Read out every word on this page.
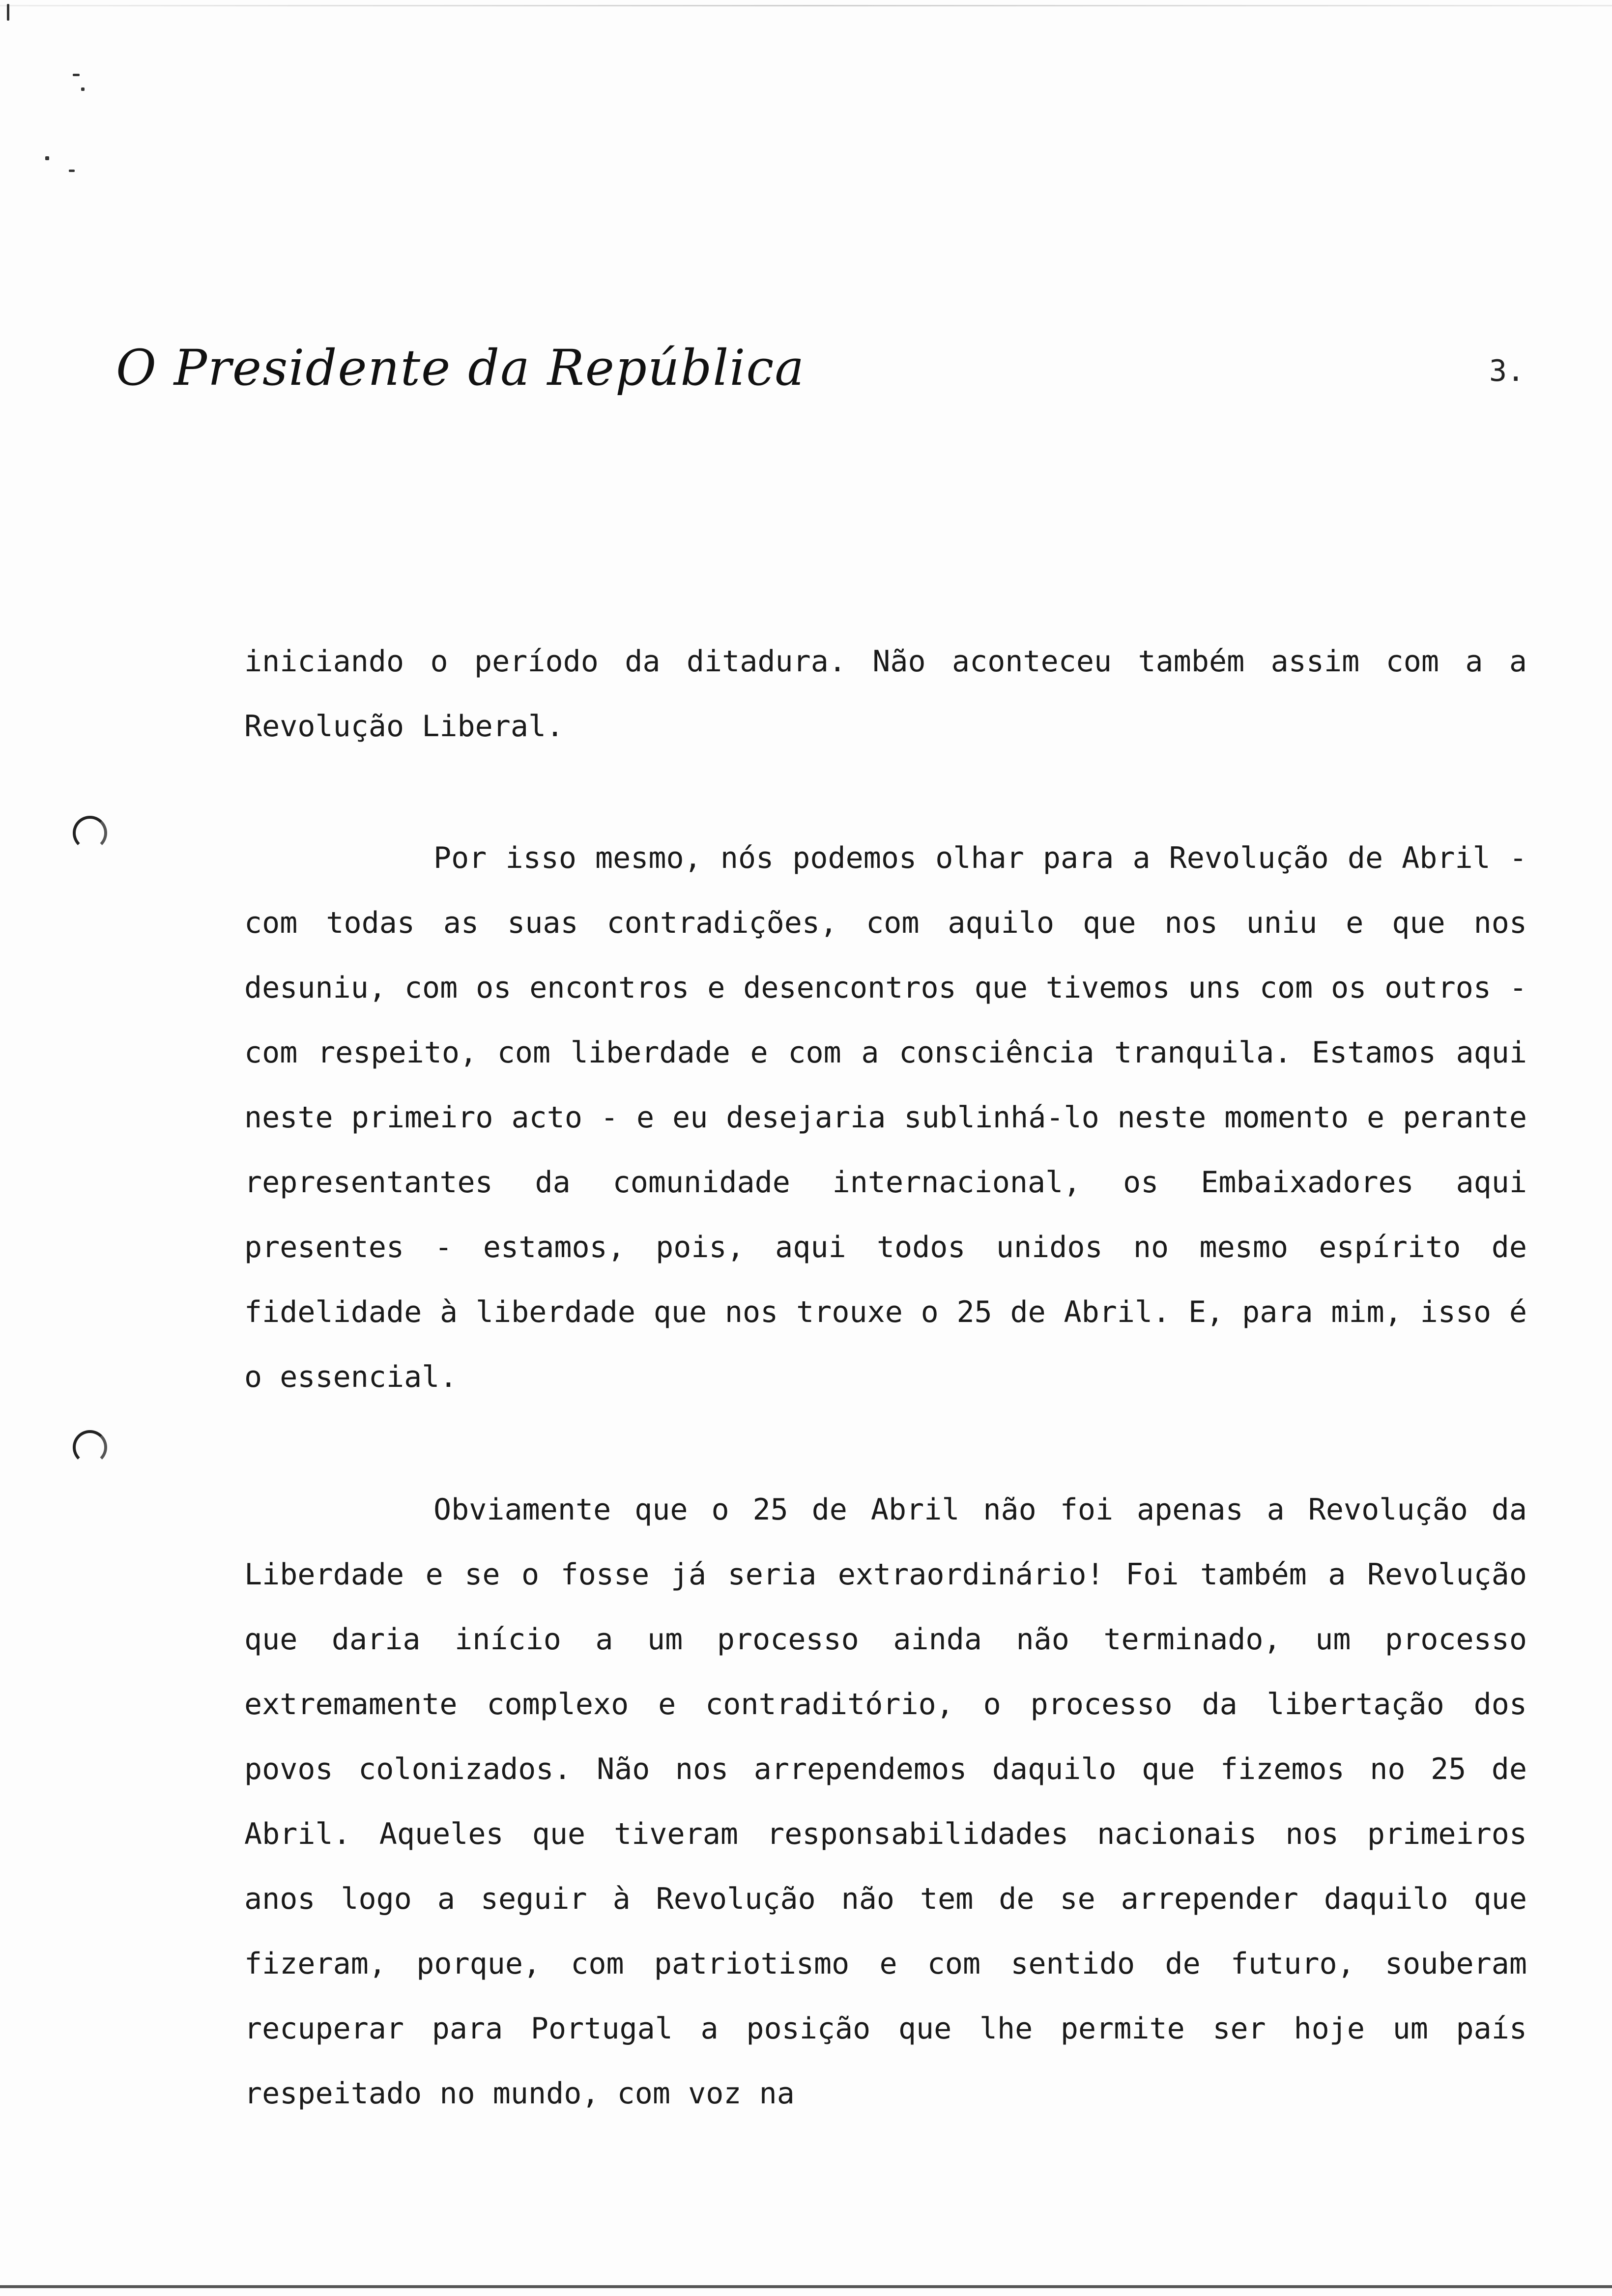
O Presidente da República	3.

iniciando o período da ditadura. Não aconteceu também assim com a a Revolução Liberal.

Por isso mesmo, nós podemos olhar para a Revolução de Abril - com todas as suas contradições, com aquilo que nos uniu e que nos desuniu, com os encontros e desencontros que tivemos uns com os outros - com respeito, com liberdade e com a consciência tranquila. Estamos aqui neste primeiro acto - e eu desejaria sublinhá-lo neste momento e perante representantes da comunidade internacional, os Embaixadores aqui presentes - estamos, pois, aqui todos unidos no mesmo espírito de fidelidade à liberdade que nos trouxe o 25 de Abril. E, para mim, isso é o essencial.

Obviamente que o 25 de Abril não foi apenas a Revolução da Liberdade e se o fosse já seria extraordinário! Foi também a Revolução que daria início a um processo ainda não terminado, um processo extremamente complexo e contraditório, o processo da libertação dos povos colonizados. Não nos arrependemos daquilo que fizemos no 25 de Abril. Aqueles que tiveram responsabilidades nacionais nos primeiros anos logo a seguir à Revolução não tem de se arrepender daquilo que fizeram, porque, com patriotismo e com sentido de futuro, souberam recuperar para Portugal a posição que lhe permite ser hoje um país respeitado no mundo, com voz na
